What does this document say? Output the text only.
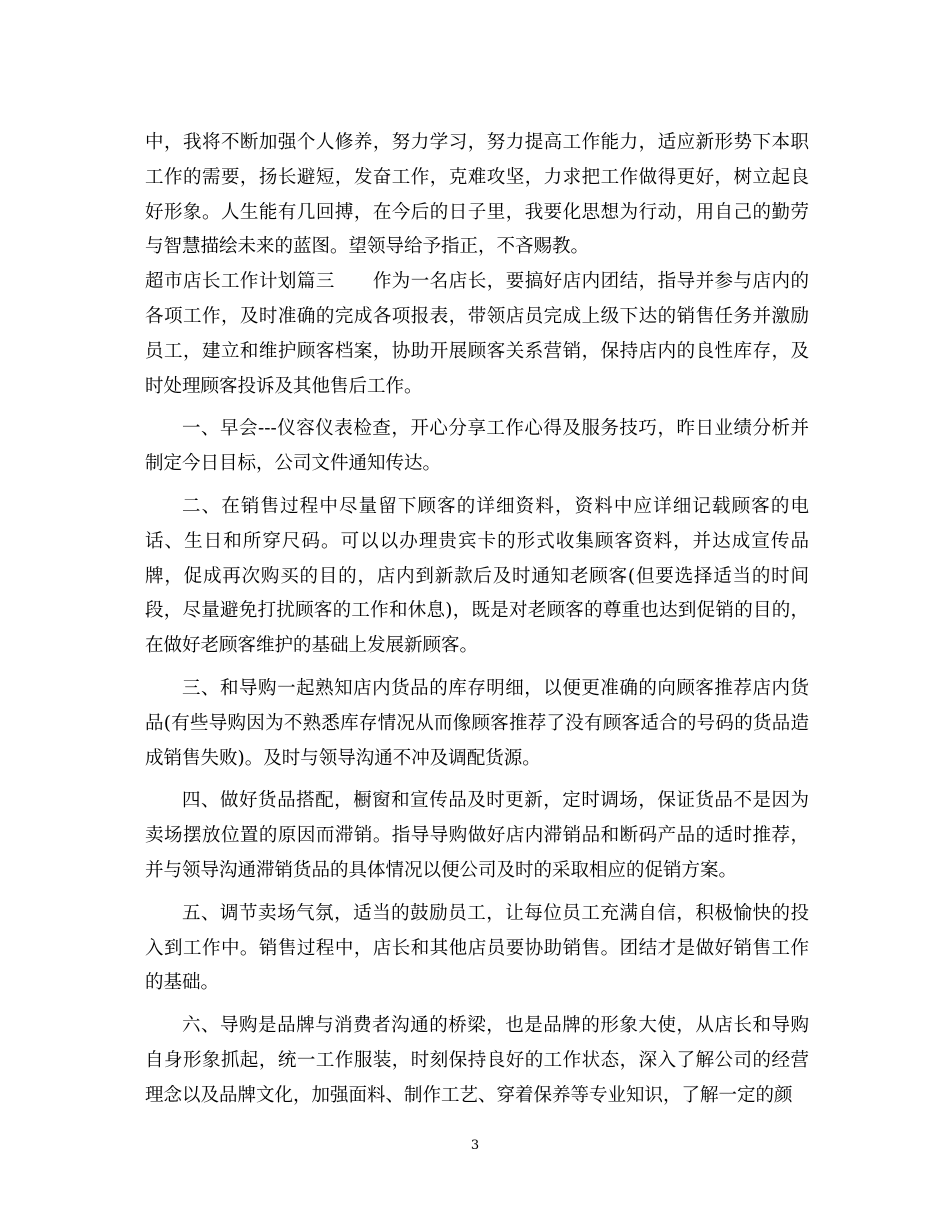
中，我将不断加强个人修养，努力学习，努力提高工作能力，适应新形势下本职工作的需要，扬长避短，发奋工作，克难攻坚，力求把工作做得更好，树立起良好形象。人生能有几回搏，在今后的日子里，我要化思想为行动，用自己的勤劳与智慧描绘未来的蓝图。望领导给予指正，不吝赐教。

超市店长工作计划篇三　　作为一名店长，要搞好店内团结，指导并参与店内的各项工作，及时准确的完成各项报表，带领店员完成上级下达的销售任务并激励员工，建立和维护顾客档案，协助开展顾客关系营销，保持店内的良性库存，及时处理顾客投诉及其他售后工作。

一、早会---仪容仪表检查，开心分享工作心得及服务技巧，昨日业绩分析并制定今日目标，公司文件通知传达。

二、在销售过程中尽量留下顾客的详细资料，资料中应详细记载顾客的电话、生日和所穿尺码。可以以办理贵宾卡的形式收集顾客资料，并达成宣传品牌，促成再次购买的目的，店内到新款后及时通知老顾客(但要选择适当的时间段，尽量避免打扰顾客的工作和休息)，既是对老顾客的尊重也达到促销的目的，在做好老顾客维护的基础上发展新顾客。

三、和导购一起熟知店内货品的库存明细，以便更准确的向顾客推荐店内货品(有些导购因为不熟悉库存情况从而像顾客推荐了没有顾客适合的号码的货品造成销售失败)。及时与领导沟通不冲及调配货源。

四、做好货品搭配，橱窗和宣传品及时更新，定时调场，保证货品不是因为卖场摆放位置的原因而滞销。指导导购做好店内滞销品和断码产品的适时推荐，并与领导沟通滞销货品的具体情况以便公司及时的采取相应的促销方案。

五、调节卖场气氛，适当的鼓励员工，让每位员工充满自信，积极愉快的投入到工作中。销售过程中，店长和其他店员要协助销售。团结才是做好销售工作的基础。

六、导购是品牌与消费者沟通的桥梁，也是品牌的形象大使，从店长和导购自身形象抓起，统一工作服装，时刻保持良好的工作状态，深入了解公司的经营理念以及品牌文化，加强面料、制作工艺、穿着保养等专业知识，了解一定的颜

3
